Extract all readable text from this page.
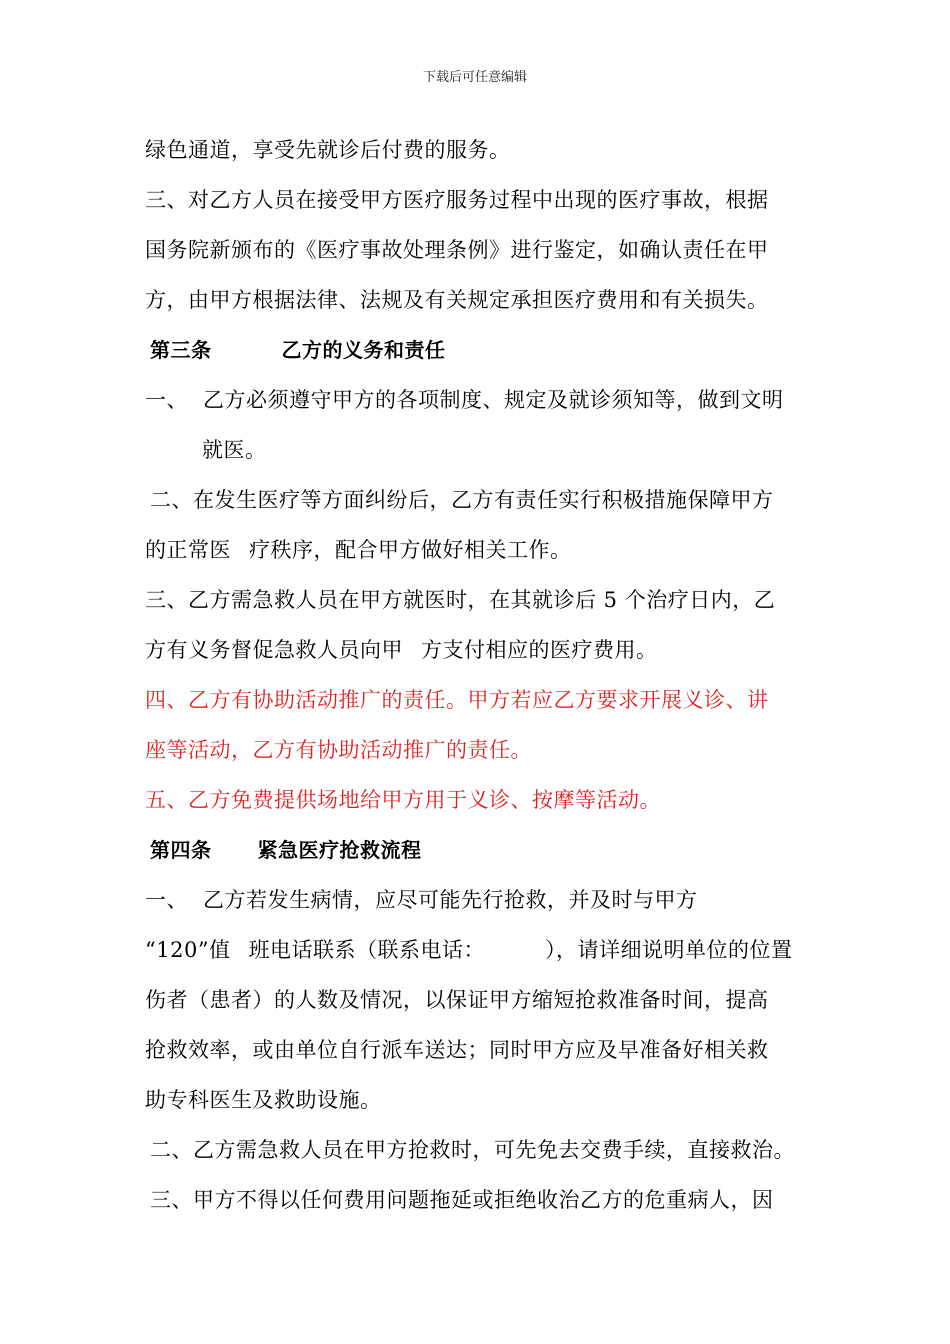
下载后可任意编辑
绿色通道，享受先就诊后付费的服务。
三、对乙方人员在接受甲方医疗服务过程中出现的医疗事故，根据
国务院新颁布的《医疗事故处理条例》进行鉴定，如确认责任在甲
方，由甲方根据法律、法规及有关规定承担医疗费用和有关损失。
第三条	乙方的义务和责任
一、 乙方必须遵守甲方的各项制度、规定及就诊须知等，做到文明
就医。
二、在发生医疗等方面纠纷后，乙方有责任实行积极措施保障甲方
的正常医 疗秩序，配合甲方做好相关工作。
三、乙方需急救人员在甲方就医时，在其就诊后 5 个治疗日内，乙
方有义务督促急救人员向甲 方支付相应的医疗费用。
四、乙方有协助活动推广的责任。甲方若应乙方要求开展义诊、讲
座等活动，乙方有协助活动推广的责任。
五、乙方免费提供场地给甲方用于义诊、按摩等活动。
第四条 紧急医疗抢救流程
一、 乙方若发生病情，应尽可能先行抢救，并及时与甲方
“120”值 班电话联系（联系电话：	），请详细说明单位的位置
伤者（患者）的人数及情况，以保证甲方缩短抢救准备时间，提高
抢救效率，或由单位自行派车送达；同时甲方应及早准备好相关救
助专科医生及救助设施。
二、乙方需急救人员在甲方抢救时，可先免去交费手续，直接救治。
三、甲方不得以任何费用问题拖延或拒绝收治乙方的危重病人，因
